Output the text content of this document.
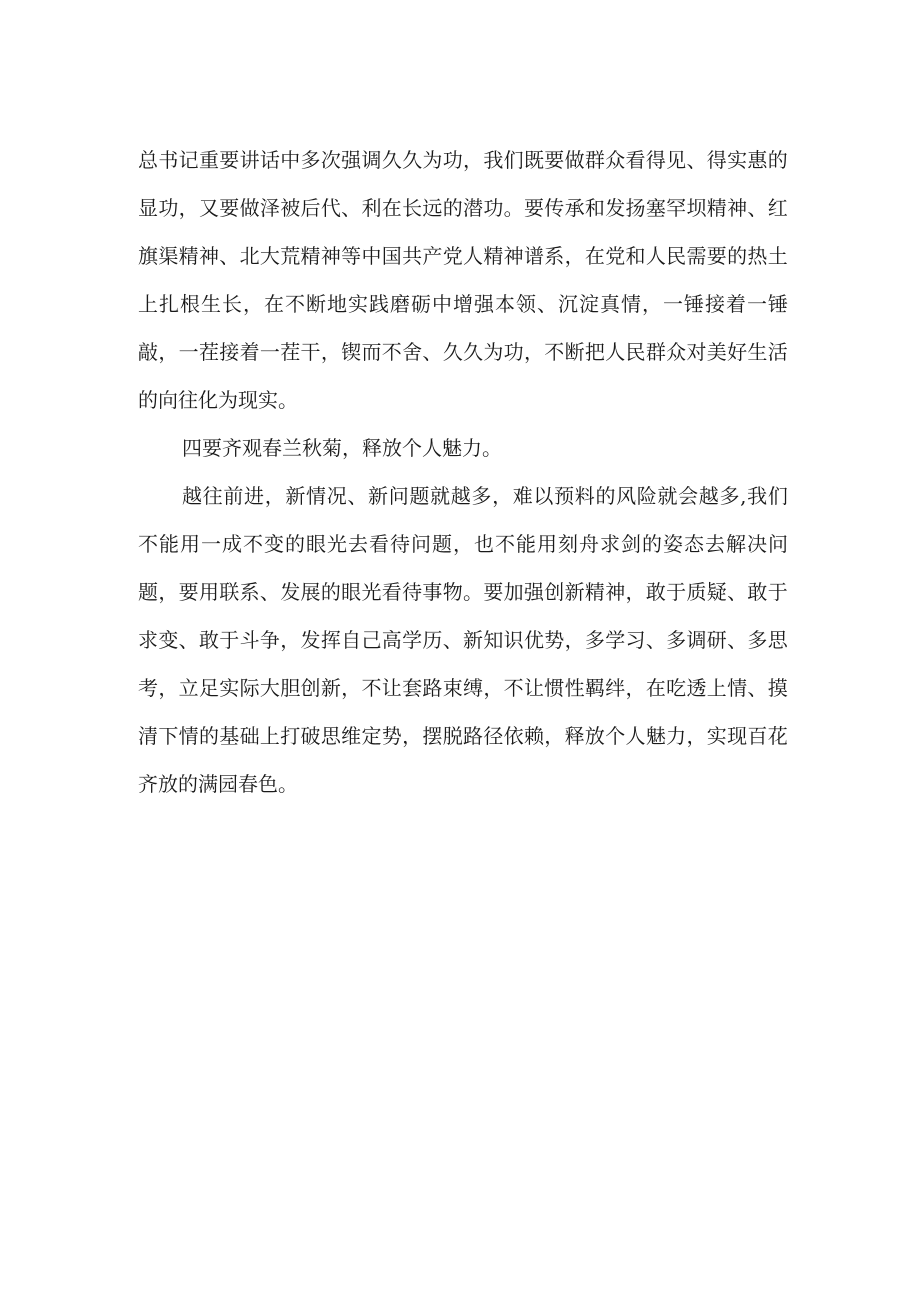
总 书 记 重 要 讲 话 中 多 次 强 调 久 久 为 功 ， 我 们 既 要 做 群 众 看 得 见 、 得 实 惠 的
显 功 ， 又 要 做 泽 被 后 代 、 利 在 长 远 的 潜 功 。 要 传 承 和 发 扬 塞 罕 坝 精 神 、 红
旗 渠 精 神 、 北 大 荒 精 神 等 中 国 共 产 党 人 精 神 谱 系 ， 在 党 和 人 民 需 要 的 热 土
上 扎 根 生 长 ， 在 不 断 地 实 践 磨 砺 中 增 强 本 领 、 沉 淀 真 情 ， 一 锤 接 着 一 锤
敲 ， 一 茬 接 着 一 茬 干 ， 锲 而 不 舍 、 久 久 为 功 ， 不 断 把 人 民 群 众 对 美 好 生 活
的向往化为现实。
四要齐观春兰秋菊，释放个人魅力。
越 往 前 进 ， 新 情 况 、 新 问 题 就 越 多 ， 难 以 预 料 的 风 险 就 会 越 多 , 我 们
不 能 用 一 成 不 变 的 眼 光 去 看 待 问 题 ， 也 不 能 用 刻 舟 求 剑 的 姿 态 去 解 决 问
题 ， 要 用 联 系 、 发 展 的 眼 光 看 待 事 物 。 要 加 强 创 新 精 神 ， 敢 于 质 疑 、 敢 于
求 变 、 敢 于 斗 争 ， 发 挥 自 己 高 学 历 、 新 知 识 优 势 ， 多 学 习 、 多 调 研 、 多 思
考 ， 立 足 实 际 大 胆 创 新 ， 不 让 套 路 束 缚 ， 不 让 惯 性 羁 绊 ， 在 吃 透 上 情 、 摸
清 下 情 的 基 础 上 打 破 思 维 定 势 ， 摆 脱 路 径 依 赖 ， 释 放 个 人 魅 力 ， 实 现 百 花
齐放的满园春色。
